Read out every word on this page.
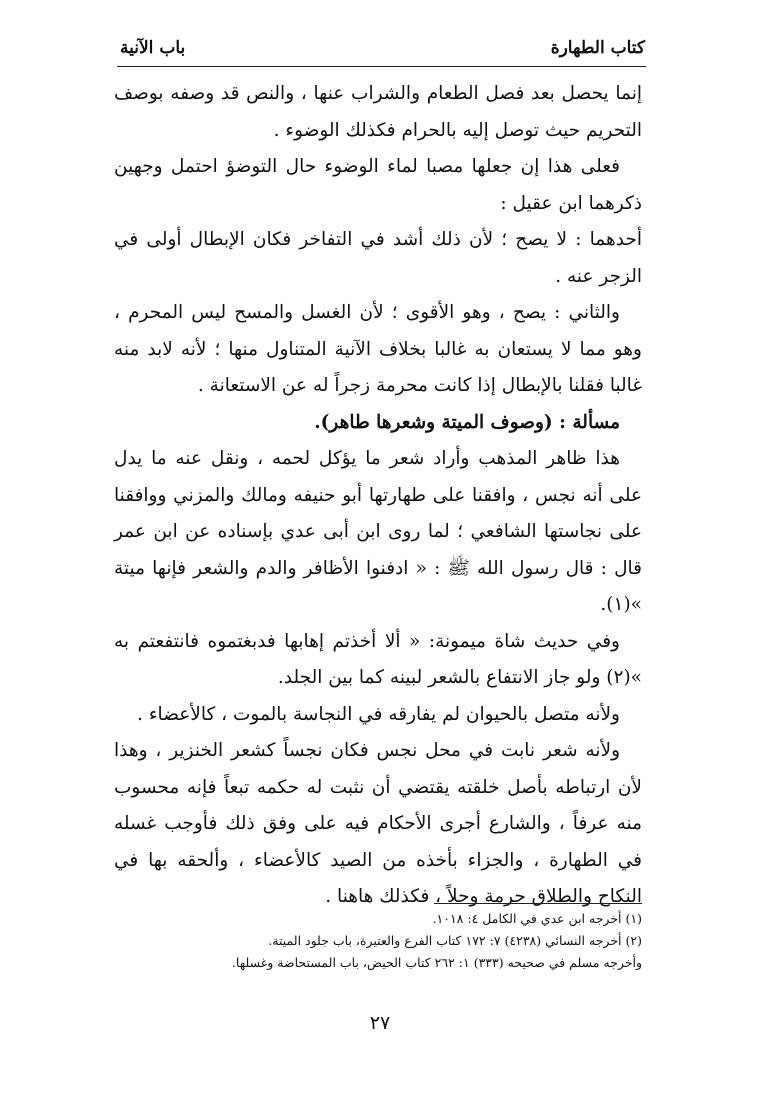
كتاب الطهارة
باب الآنية

إنما يحصل بعد فصل الطعام والشراب عنها ، والنص قد وصفه بوصف التحريم حيث توصل إليه بالحرام فكذلك الوضوء .

فعلى هذا إن جعلها مصبا لماء الوضوء حال التوضؤ احتمل وجهين ذكرهما ابن عقيل :

أحدهما : لا يصح ؛ لأن ذلك أشد في التفاخر فكان الإبطال أولى في الزجر عنه .

والثاني : يصح ، وهو الأقوى ؛ لأن الغسل والمسح ليس المحرم ، وهو مما لا يستعان به غالبا بخلاف الآنية المتناول منها ؛ لأنه لابد منه غالبا فقلنا بالإبطال إذا كانت محرمة زجراً له عن الاستعانة .

مسألة : (وصوف الميتة وشعرها طاهر).

هذا ظاهر المذهب وأراد شعر ما يؤكل لحمه ، ونقل عنه ما يدل على أنه نجس ، وافقنا على طهارتها أبو حنيفه ومالك والمزني ووافقنا على نجاستها الشافعي ؛ لما روى ابن أبى عدي بإسناده عن ابن عمر قال : قال رسول الله ﷺ : « ادفنوا الأظافر والدم والشعر فإنها ميتة »(١).

وفي حديث شاة ميمونة: « ألا أخذتم إهابها فدبغتموه فانتفعتم به »(٢) ولو جاز الانتفاع بالشعر لبينه كما بين الجلد.

ولأنه متصل بالحيوان لم يفارقه في النجاسة بالموت ، كالأعضاء .

ولأنه شعر نابت في محل نجس فكان نجساً كشعر الخنزير ، وهذا لأن ارتباطه بأصل خلقته يقتضي أن نثبت له حكمه تبعاً فإنه محسوب منه عرفاً ، والشارع أجرى الأحكام فيه على وفق ذلك فأوجب غسله في الطهارة ، والجزاء بأخذه من الصيد كالأعضاء ، وألحقه بها في النكاح والطلاق حرمة وحلاً ، فكذلك هاهنا .

(١) أخرجه ابن عدي في الكامل ٤: ١٠١٨.

(٢) أخرجه النسائي (٤٢٣٨) ٧: ١٧٢ كتاب الفرع والعتيرة، باب جلود الميتة.

وأخرجه مسلم في صحيحه (٣٣٣) ١: ٢٦٢ كتاب الحيض، باب المستحاضة وغسلها.

٢٧
